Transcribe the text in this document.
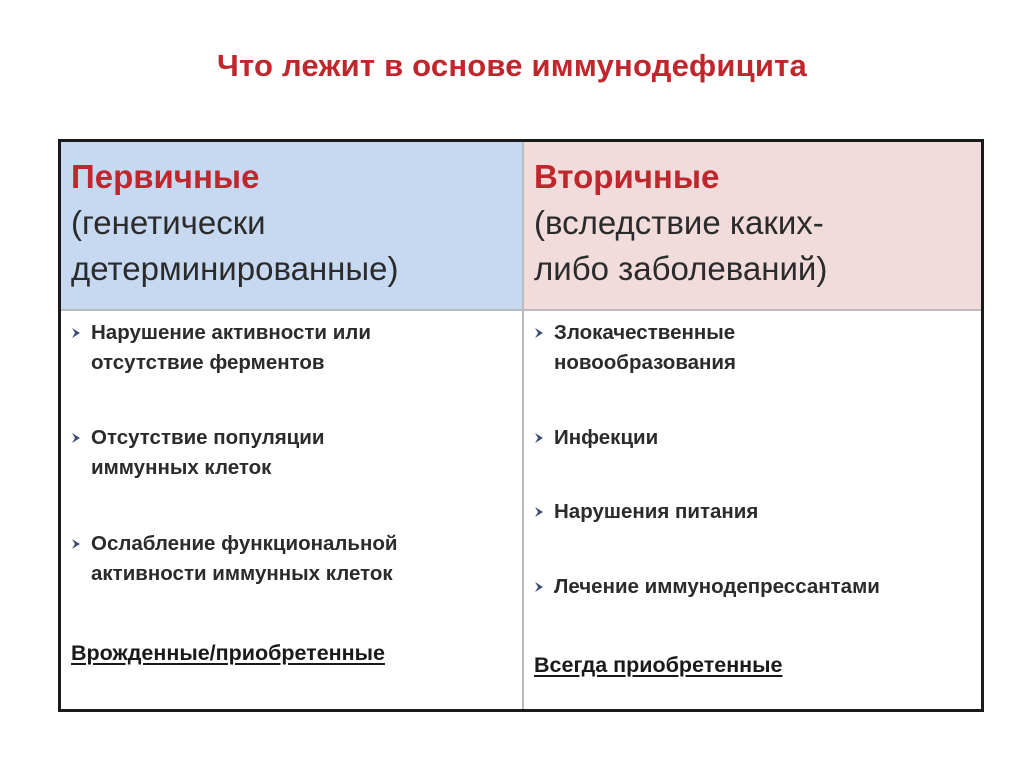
Что лежит в основе иммунодефицита
Первичные
(генетически детерминированные)
Вторичные
(вследствие каких-либо заболеваний)
Нарушение активности или
отсутствие ферментов
Отсутствие популяции
иммунных клеток
Ослабление функциональной
активности иммунных клеток
Врожденные/приобретенные
Злокачественные
новообразования
Инфекции
Нарушения питания
Лечение иммунодепрессантами
Всегда приобретенные
